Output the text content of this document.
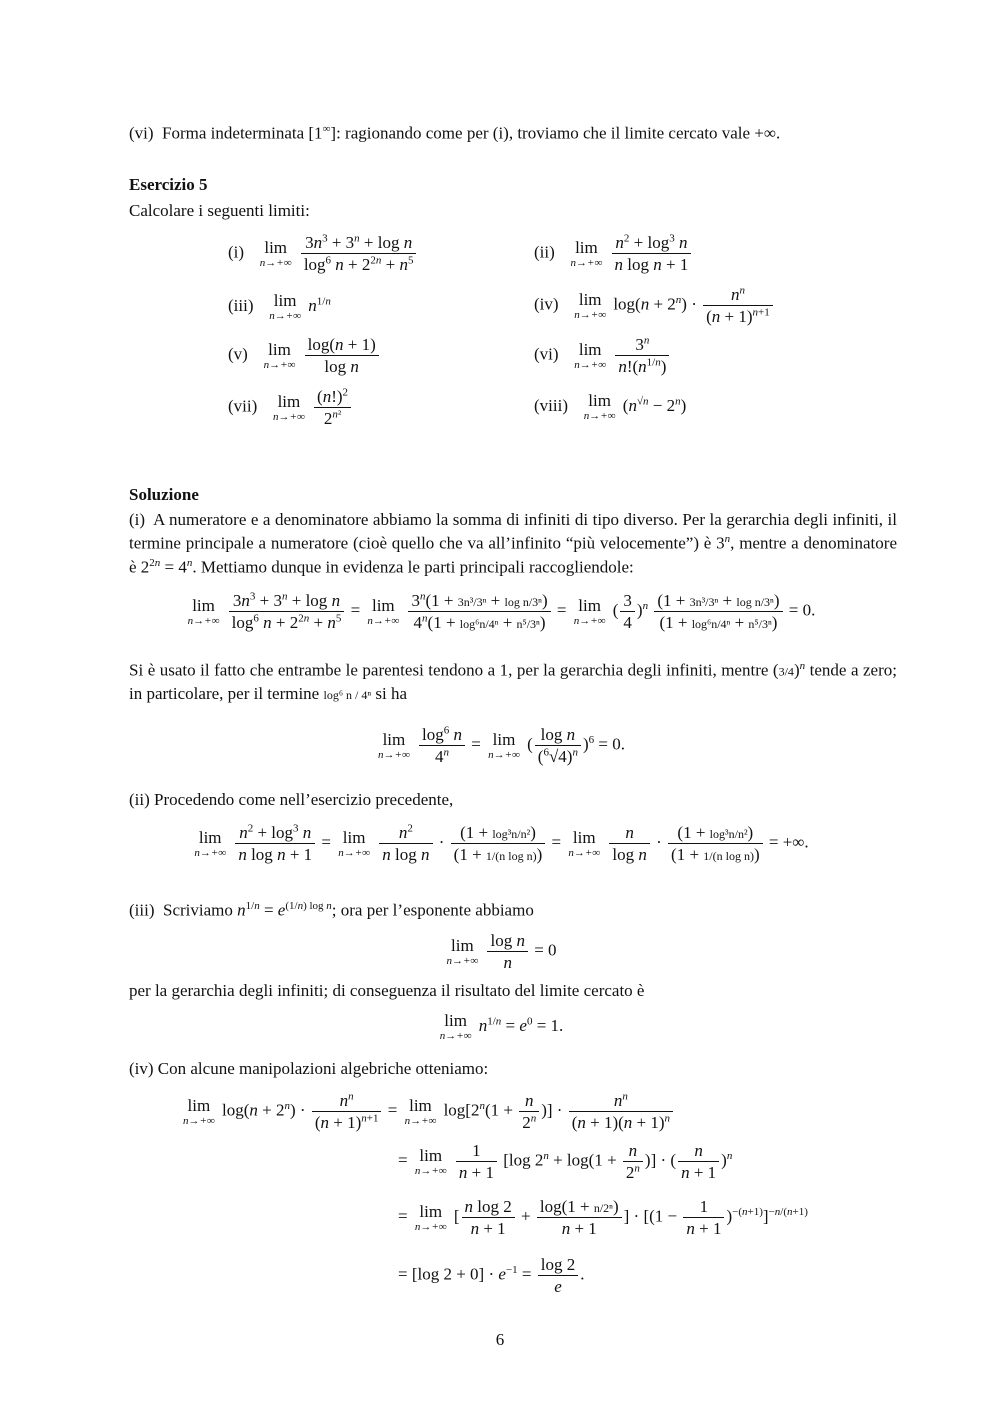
(vi)  Forma indeterminata [1∞]: ragionando come per (i), troviamo che il limite cercato vale +∞.
Esercizio 5
Calcolare i seguenti limiti:
(i) lim
n→+∞
$\frac{3n^3 + 3^n + \log n}{\log^6 n + 2^{2n} + n^5}$	(ii) lim
n→+∞
$\frac{n^2 + \log^3 n}{\text{n log n + 1}}$
(iii) lim
n→+∞
$n^{1/n}$	(iv) lim
n→+∞
$\log(n + 2^n) \cdot \frac{n^n}{(n + 1)^{n+1}}$
(v) lim
n→+∞
$\frac{\log(n + 1)}{\text{log n}}$	(vi) lim
n→+∞
$\frac{3^n}{n!(n^{1/n})}$
(vii) lim
n→+∞
$\frac{(n!)^2}{2^{n^2}}$	(viii) lim
n→+∞
$(n^{√n} - 2^n)$
Soluzione
(i)  A numeratore e a denominatore abbiamo la somma di infiniti di tipo diverso. Per la gerarchia degli infiniti, il termine principale a numeratore (cioè quello che va all’infinito “più velocemente”) è 3$^n$, mentre a denominatore è $2^{2n} = 4^n$. Mettiamo dunque in evidenza le parti principali raccogliendole:
lim
n→+∞
$\frac{3n^3 + 3^n + \log n}{\log^6 n + 2^{2n} + n^5} = \lim$
n→+∞
$\frac{3^n(1 + 3n^3/3^n + \log n/3^n)}{4^n(1 + \log^6n/4^n + n^5/3^n)} = \lim$
n→+∞
( $\frac{3}{4} )^n \frac{\text{(1 + 3n³/3ⁿ + log n/3ⁿ)}}{\text{(1 + log⁶n/4ⁿ + n⁵/3ⁿ)}} = 0$.
Si è usato il fatto che entrambe le parentesi tendono a 1, per la gerarchia degli infiniti, mentre $(3/4)^n$ tende a zero; in particolare, per il termine log⁶ n / 4ⁿ si ha
lim
n→+∞
$\frac{\log^6 n}{4^n} = \lim$
n→+∞
( $\frac{\text{log n}}{(^6√4)^n} )^6 = 0$.
(ii) Procedendo come nell’esercizio precedente,
lim
n→+∞
$\frac{n^2 + \log^3 n}{\text{n log n + 1}} = \lim$
n→+∞
$\frac{n^2}{\text{n log n}} \cdot \frac{\text{(1 + log³n/n²)}}{\text{(1 + 1/(n log n))}} = \lim$
n→+∞
$\frac{n}{\text{log n}} \cdot \frac{\text{(1 + log³n/n²)}}{\text{(1 + 1/(n log n))}}$ = +∞.
(iii)  Scriviamo $n^{1/n} = e^{(1/n) log n}$; ora per l’esponente abbiamo
lim
n→+∞
$\frac{\text{log n}}{n} = 0$
per la gerarchia degli infiniti; di conseguenza il risultato del limite cercato è
lim
n→+∞
$n^{1/n} = e^0 = 1$.
(iv) Con alcune manipolazioni algebriche otteniamo:
lim
n→+∞
$\log(n + 2^n) \cdot \frac{n^n}{(n + 1)^{n+1}} = \lim$
n→+∞
$\log[2^n(1 + \frac{n}{2^n}$ )] · $\frac{n^n}{(n + 1)(n + 1)^n}$
= lim
n→+∞
$\frac{1}{n + 1} [\log$ $2^n + \log(1 + \frac{n}{2^n}$ )] · ( $\frac{n}{n + 1} )^n$
= lim
n→+∞
[ $\frac{\text{n log 2}}{n + 1} + \frac{\text{log(1 + n/2ⁿ)}}{n + 1}$ ] · $[(1 - \frac{1}{n + 1} )^{-(n+1)}]^{-n/(n+1)}$
= [log $2 + 0] \cdot e^{-1} = \frac{\log 2}{e}$ .
6
